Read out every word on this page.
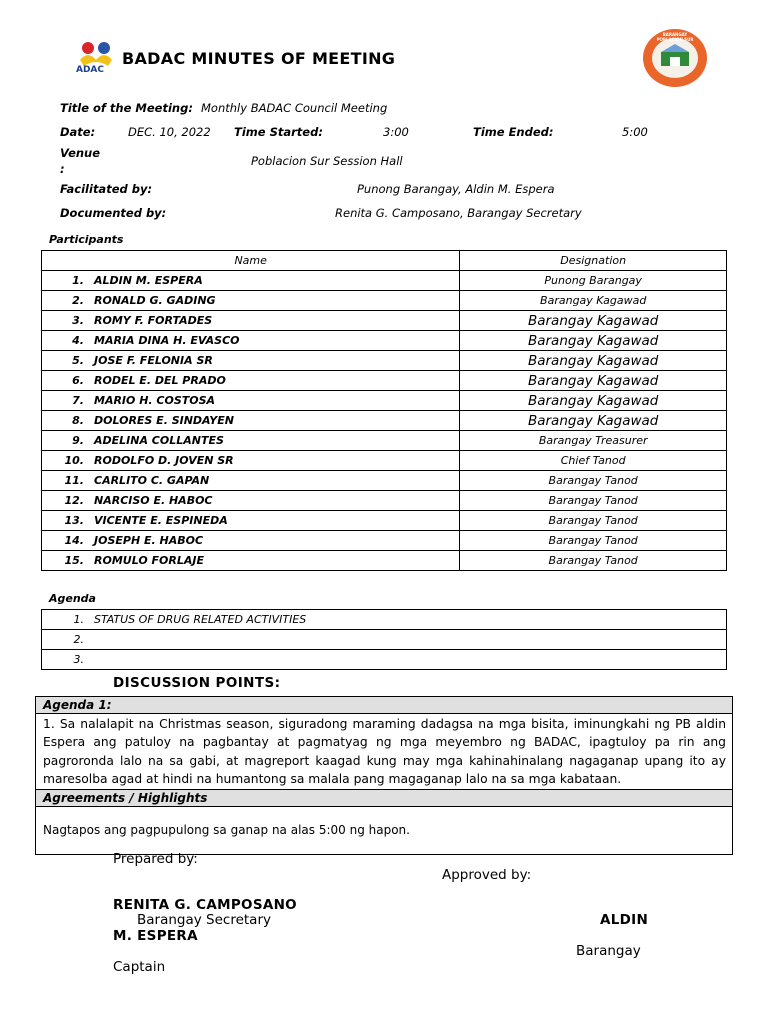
ADAC
BADAC MINUTES OF MEETING
BARANGAY POBLACION SUR
Title of the Meeting: Monthly BADAC Council Meeting
Date:	DEC. 10, 2022 Time Started:	3:00	Time Ended:	5:00
Venue
:
Poblacion Sur Session Hall
Facilitated by:	Punong Barangay, Aldin M. Espera
Documented by:	Renita G. Camposano, Barangay Secretary
Participants
Name	Designation
1. ALDIN M. ESPERA	Punong Barangay
2. RONALD G. GADING	Barangay Kagawad
3. ROMY F. FORTADES	Barangay Kagawad
4. MARIA DINA H. EVASCO	Barangay Kagawad
5. JOSE F. FELONIA SR	Barangay Kagawad
6. RODEL E. DEL PRADO	Barangay Kagawad
7. MARIO H. COSTOSA	Barangay Kagawad
8. DOLORES E. SINDAYEN	Barangay Kagawad
9. ADELINA COLLANTES	Barangay Treasurer
10. RODOLFO D. JOVEN SR	Chief Tanod
11. CARLITO C. GAPAN	Barangay Tanod
12. NARCISO E. HABOC	Barangay Tanod
13. VICENTE E. ESPINEDA	Barangay Tanod
14. JOSEPH E. HABOC	Barangay Tanod
15. ROMULO FORLAJE	Barangay Tanod
Agenda
1. STATUS OF DRUG RELATED ACTIVITIES
2.
3.
DISCUSSION POINTS:
Agenda 1:
1. Sa nalalapit na Christmas season, siguradong maraming dadagsa na mga bisita, iminungkahi ng PB aldin Espera ang patuloy na pagbantay at pagmatyag ng mga meyembro ng BADAC, ipagtuloy pa rin ang pagroronda lalo na sa gabi, at magreport kaagad kung may mga kahinahinalang nagaganap upang ito ay maresolba agad at hindi na humantong sa malala pang magaganap lalo na sa mga kabataan.
Agreements / Highlights
Nagtapos ang pagpupulong sa ganap na alas 5:00 ng hapon.
Prepared by:
Approved by:
RENITA G. CAMPOSANO
Barangay Secretary	ALDIN
M. ESPERA
Barangay
Captain
